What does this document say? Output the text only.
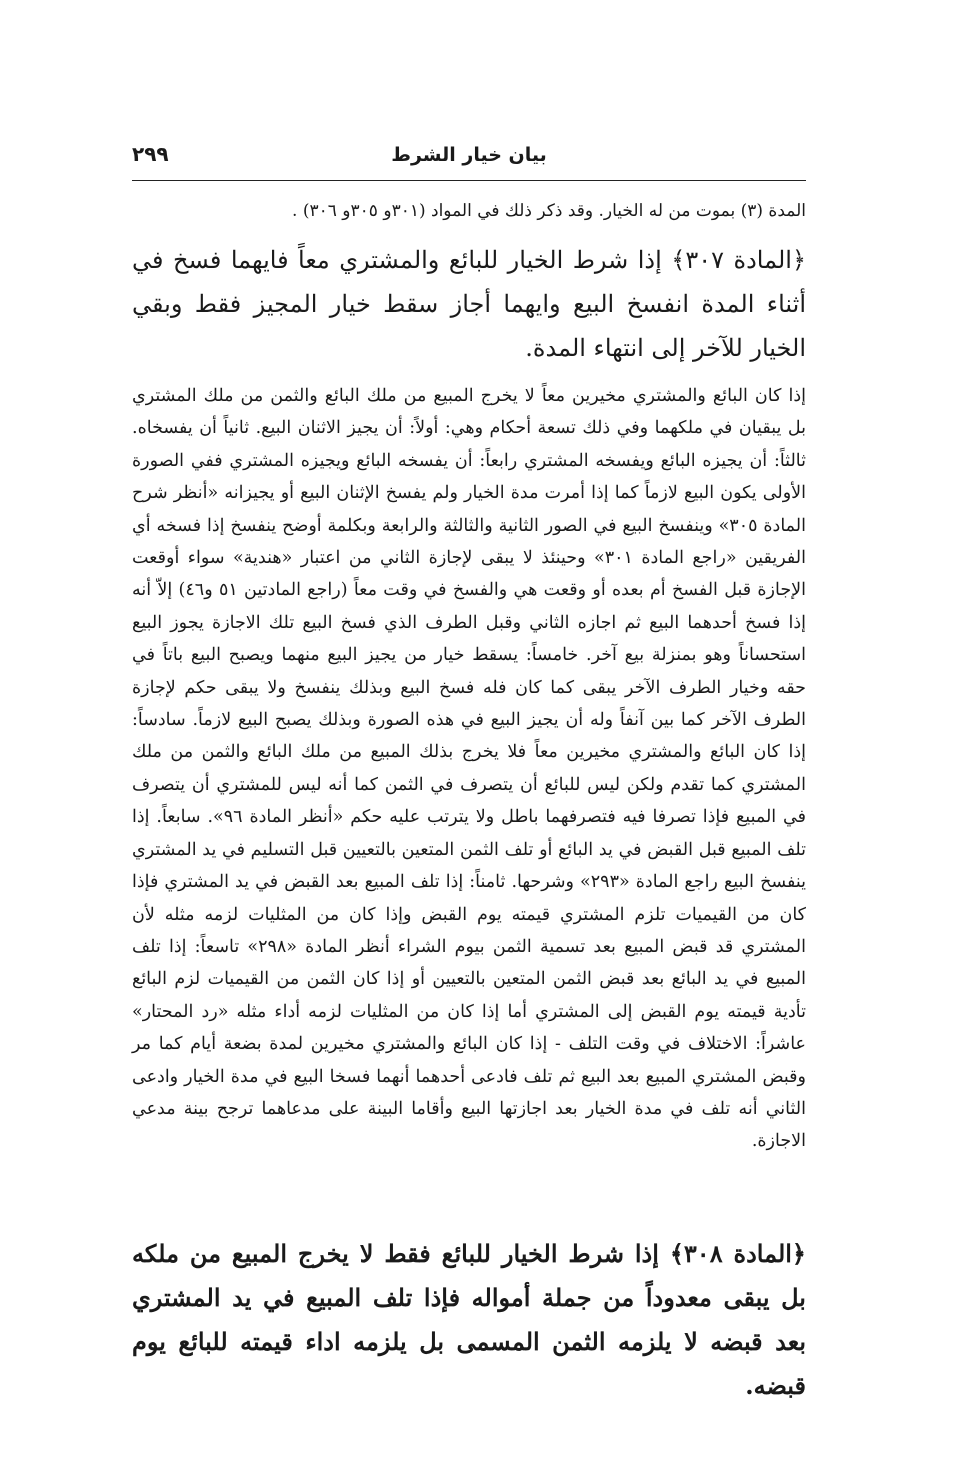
بيان خيار الشرط
٢٩٩
المدة (٣) بموت من له الخيار. وقد ذكر ذلك في المواد (٣٠١و ٣٠٥و ٣٠٦) .
﴿المادة ٣٠٧﴾ إذا شرط الخيار للبائع والمشتري معاً فايهما فسخ في أثناء المدة انفسخ البيع وايهما أجاز سقط خيار المجيز فقط وبقي الخيار للآخر إلى انتهاء المدة.
إذا كان البائع والمشتري مخيرين معاً لا يخرج المبيع من ملك البائع والثمن من ملك المشتري بل يبقيان في ملكهما وفي ذلك تسعة أحكام وهي: أولاً: أن يجيز الاثنان البيع. ثانياً أن يفسخاه. ثالثاً: أن يجيزه البائع ويفسخه المشتري رابعاً: أن يفسخه البائع ويجيزه المشتري ففي الصورة الأولى يكون البيع لازماً كما إذا أمرت مدة الخيار ولم يفسخ الإثنان البيع أو يجيزانه «أنظر شرح المادة ٣٠٥» وينفسخ البيع في الصور الثانية والثالثة والرابعة وبكلمة أوضح ينفسخ إذا فسخه أي الفريقين «راجع المادة ٣٠١» وحينئذ لا يبقى لإجازة الثاني من اعتبار «هندية» سواء أوقعت الإجازة قبل الفسخ أم بعده أو وقعت هي والفسخ في وقت معاً (راجع المادتين ٥١ و٤٦) إلاّ أنه إذا فسخ أحدهما البيع ثم اجازه الثاني وقبل الطرف الذي فسخ البيع تلك الاجازة يجوز البيع استحساناً وهو بمنزلة بيع آخر. خامساً: يسقط خيار من يجيز البيع منهما ويصبح البيع باتاً في حقه وخيار الطرف الآخر يبقى كما كان فله فسخ البيع وبذلك ينفسخ ولا يبقى حكم لإجازة الطرف الآخر كما بين آنفاً وله أن يجيز البيع في هذه الصورة وبذلك يصبح البيع لازماً. سادساً: إذا كان البائع والمشتري مخيرين معاً فلا يخرج بذلك المبيع من ملك البائع والثمن من ملك المشتري كما تقدم ولكن ليس للبائع أن يتصرف في الثمن كما أنه ليس للمشتري أن يتصرف في المبيع فإذا تصرفا فيه فتصرفهما باطل ولا يترتب عليه حكم «أنظر المادة ٩٦». سابعاً. إذا تلف المبيع قبل القبض في يد البائع أو تلف الثمن المتعين بالتعيين قبل التسليم في يد المشتري ينفسخ البيع راجع المادة «٢٩٣» وشرحها. ثامناً: إذا تلف المبيع بعد القبض في يد المشتري فإذا كان من القيميات تلزم المشتري قيمته يوم القبض وإذا كان من المثليات لزمه مثله لأن المشتري قد قبض المبيع بعد تسمية الثمن بيوم الشراء أنظر المادة «٢٩٨» تاسعاً: إذا تلف المبيع في يد البائع بعد قبض الثمن المتعين بالتعيين أو إذا كان الثمن من القيميات لزم البائع تأدية قيمته يوم القبض إلى المشتري أما إذا كان من المثليات لزمه أداء مثله «رد المحتار» عاشراً: الاختلاف في وقت التلف - إذا كان البائع والمشتري مخيرين لمدة بضعة أيام كما مر وقبض المشتري المبيع بعد البيع ثم تلف فادعى أحدهما أنهما فسخا البيع في مدة الخيار وادعى الثاني أنه تلف في مدة الخيار بعد اجازتها البيع وأقاما البينة على مدعاهما ترجح بينة مدعي الاجازة.
﴿المادة ٣٠٨﴾ إذا شرط الخيار للبائع فقط لا يخرج المبيع من ملكه بل يبقى معدوداً من جملة أمواله فإذا تلف المبيع في يد المشتري بعد قبضه لا يلزمه الثمن المسمى بل يلزمه اداء قيمته للبائع يوم قبضه.
